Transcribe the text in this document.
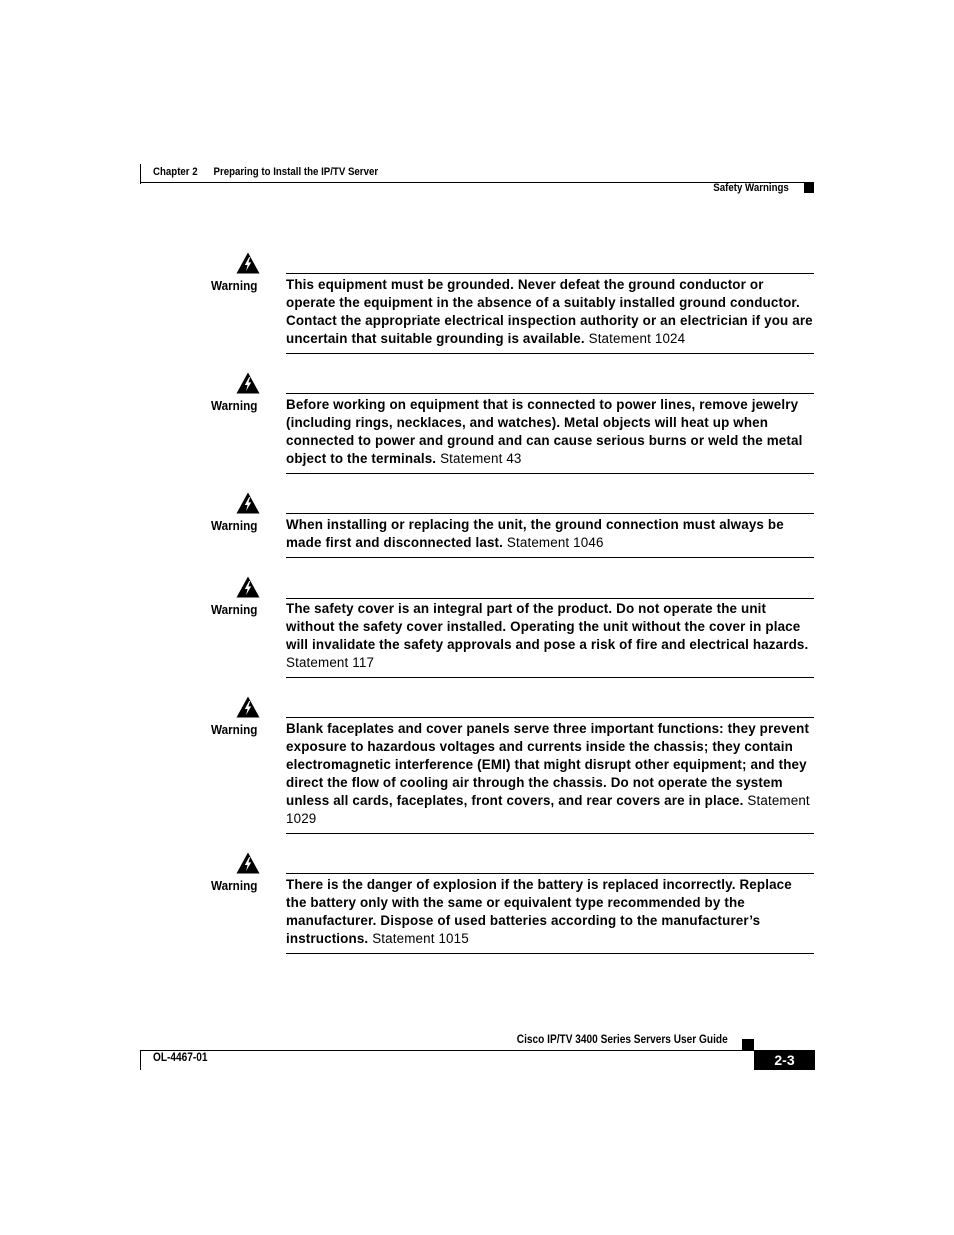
Chapter 2 Preparing to Install the IP/TV Server
Safety Warnings
Warning This equipment must be grounded. Never defeat the ground conductor or operate the equipment in the absence of a suitably installed ground conductor. Contact the appropriate electrical inspection authority or an electrician if you are uncertain that suitable grounding is available. Statement 1024
Warning Before working on equipment that is connected to power lines, remove jewelry (including rings, necklaces, and watches). Metal objects will heat up when connected to power and ground and can cause serious burns or weld the metal object to the terminals. Statement 43
Warning When installing or replacing the unit, the ground connection must always be made first and disconnected last. Statement 1046
Warning The safety cover is an integral part of the product. Do not operate the unit without the safety cover installed. Operating the unit without the cover in place will invalidate the safety approvals and pose a risk of fire and electrical hazards. Statement 117
Warning Blank faceplates and cover panels serve three important functions: they prevent exposure to hazardous voltages and currents inside the chassis; they contain electromagnetic interference (EMI) that might disrupt other equipment; and they direct the flow of cooling air through the chassis. Do not operate the system unless all cards, faceplates, front covers, and rear covers are in place. Statement 1029
Warning There is the danger of explosion if the battery is replaced incorrectly. Replace the battery only with the same or equivalent type recommended by the manufacturer. Dispose of used batteries according to the manufacturer’s instructions. Statement 1015
Cisco IP/TV 3400 Series Servers User Guide
OL-4467-01	2-3
